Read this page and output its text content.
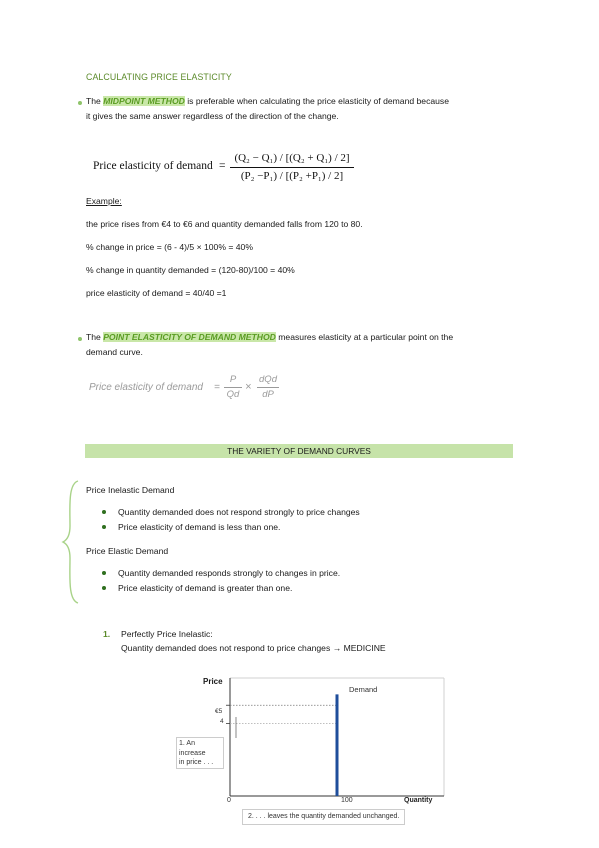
CALCULATING PRICE ELASTICITY
The MIDPOINT METHOD is preferable when calculating the price elasticity of demand because
it gives the same answer regardless of the direction of the change.
Price elasticity of demand =
(Q₂ − Q₁) / [(Q₂ + Q₁) / 2]
(P₂ −P₁) / [(P₂ +P₁) / 2]
Example:
the price rises from €4 to €6 and quantity demanded falls from 120 to 80.
% change in price = (6 - 4)/5 × 100% = 40%
% change in quantity demanded = (120-80)/100 = 40%
price elasticity of demand = 40/40 =1
The POINT ELASTICITY OF DEMAND METHOD measures elasticity at a particular point on the
demand curve.
Price elasticity of demand =
P
Qd
×
dQd
dP
THE VARIETY OF DEMAND CURVES
Price Inelastic Demand
Quantity demanded does not respond strongly to price changes
Price elasticity of demand is less than one.
Price Elastic Demand
Quantity demanded responds strongly to changes in price.
Price elasticity of demand is greater than one.
1. Perfectly Price Inelastic:
Quantity demanded does not respond to price changes → MEDICINE
Price
€5
4
Demand
1. An
increase
in price . . .
0	100	Quantity
2. . . . leaves the quantity demanded unchanged.
